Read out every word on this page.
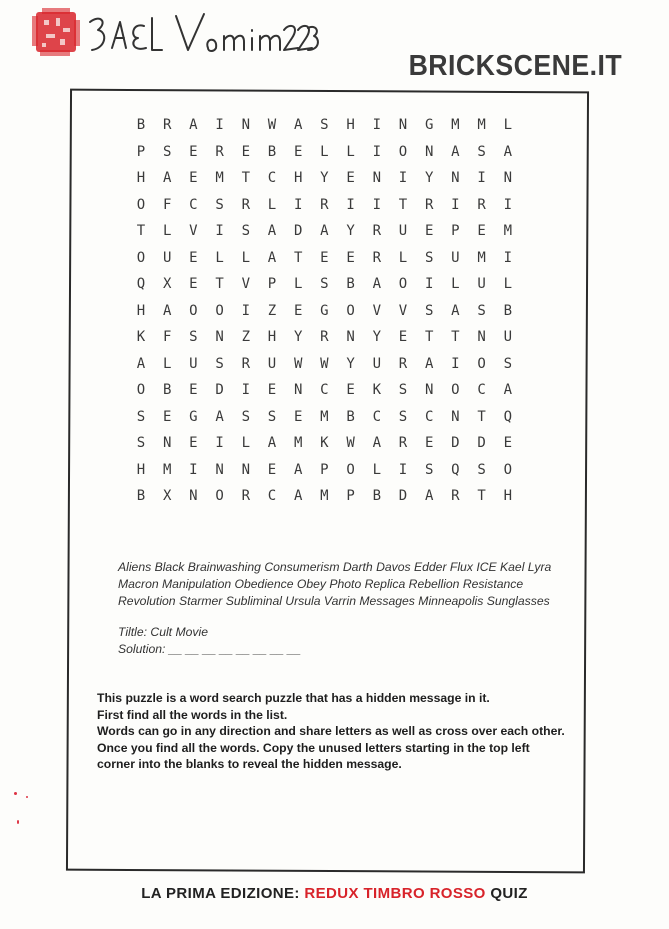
BRICKSCENE.IT
B	R	A	I	N	W	A	S	H	I	N	G	M	M	L
P	S	E	R	E	B	E	L	L	I	O	N	A	S	A
H	A	E	M	T	C	H	Y	E	N	I	Y	N	I	N
O	F	C	S	R	L	I	R	I	I	T	R	I	R	I
T	L	V	I	S	A	D	A	Y	R	U	E	P	E	M
O	U	E	L	L	A	T	E	E	R	L	S	U	M	I
Q	X	E	T	V	P	L	S	B	A	O	I	L	U	L
H	A	O	O	I	Z	E	G	O	V	V	S	A	S	B
K	F	S	N	Z	H	Y	R	N	Y	E	T	T	N	U
A	L	U	S	R	U	W	W	Y	U	R	A	I	O	S
O	B	E	D	I	E	N	C	E	K	S	N	O	C	A
S	E	G	A	S	S	E	M	B	C	S	C	N	T	Q
S	N	E	I	L	A	M	K	W	A	R	E	D	D	E
H	M	I	N	N	E	A	P	O	L	I	S	Q	S	O
B	X	N	O	R	C	A	M	P	B	D	A	R	T	H
Aliens Black Brainwashing Consumerism Darth Davos Edder Flux ICE Kael Lyra
Macron Manipulation Obedience Obey Photo Replica Rebellion Resistance
Revolution Starmer Subliminal Ursula Varrin Messages Minneapolis Sunglasses
Tiltle: Cult Movie
Solution: __ __ __ __ __ __ __ __

This puzzle is a word search puzzle that has a hidden message in it.

First find all the words in the list.

Words can go in any direction and share letters as well as cross over each other.

Once you find all the words. Copy the unused letters starting in the top left corner into the blanks to reveal the hidden message.

LA PRIMA EDIZIONE: REDUX TIMBRO ROSSO QUIZ
